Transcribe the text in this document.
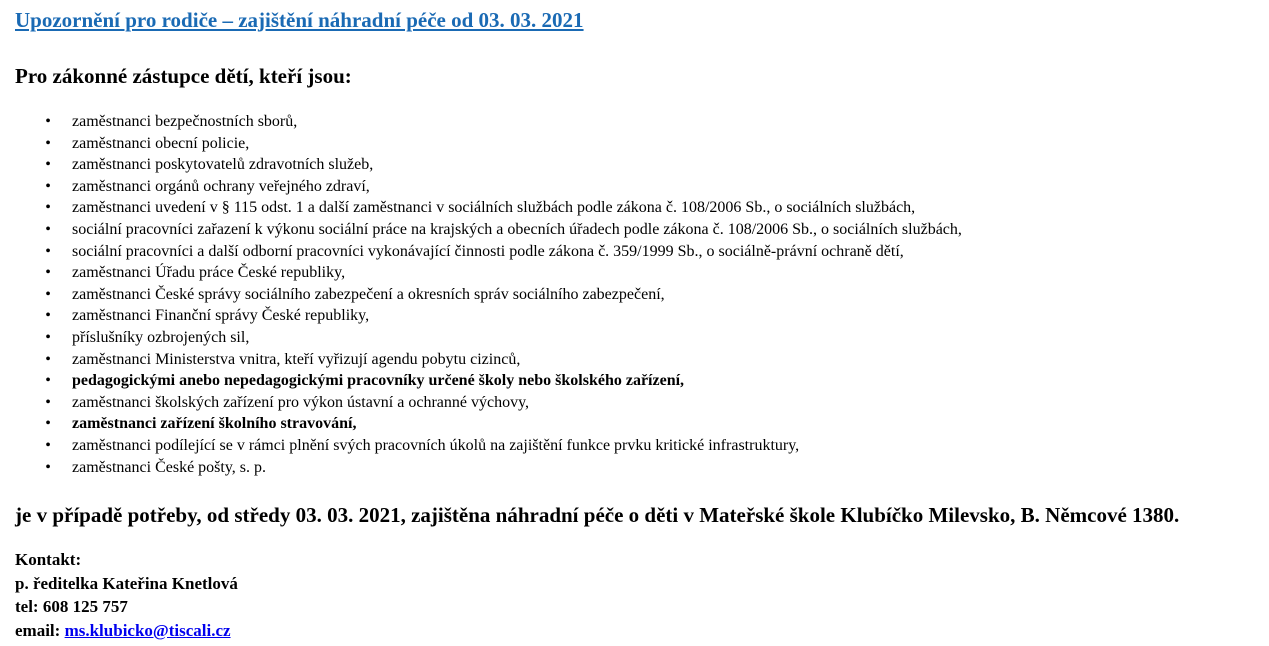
Upozornění pro rodiče – zajištění náhradní péče od 03. 03. 2021
Pro zákonné zástupce dětí, kteří jsou:
• zaměstnanci bezpečnostních sborů,
• zaměstnanci obecní policie,
• zaměstnanci poskytovatelů zdravotních služeb,
• zaměstnanci orgánů ochrany veřejného zdraví,
• zaměstnanci uvedení v § 115 odst. 1 a další zaměstnanci v sociálních službách podle zákona č. 108/2006 Sb., o sociálních službách,
• sociální pracovníci zařazení k výkonu sociální práce na krajských a obecních úřadech podle zákona č. 108/2006 Sb., o sociálních službách,
• sociální pracovníci a další odborní pracovníci vykonávající činnosti podle zákona č. 359/1999 Sb., o sociálně-právní ochraně dětí,
• zaměstnanci Úřadu práce České republiky,
• zaměstnanci České správy sociálního zabezpečení a okresních správ sociálního zabezpečení,
• zaměstnanci Finanční správy České republiky,
• příslušníky ozbrojených sil,
• zaměstnanci Ministerstva vnitra, kteří vyřizují agendu pobytu cizinců,
• pedagogickými anebo nepedagogickými pracovníky určené školy nebo školského zařízení,
• zaměstnanci školských zařízení pro výkon ústavní a ochranné výchovy,
• zaměstnanci zařízení školního stravování,
• zaměstnanci podílející se v rámci plnění svých pracovních úkolů na zajištění funkce prvku kritické infrastruktury,
• zaměstnanci České pošty, s. p.
je v případě potřeby, od středy 03. 03. 2021, zajištěna náhradní péče o děti v Mateřské škole Klubíčko Milevsko, B. Němcové 1380.
Kontakt:
p. ředitelka Kateřina Knetlová
tel: 608 125 757
email: ms.klubicko@tiscali.cz
